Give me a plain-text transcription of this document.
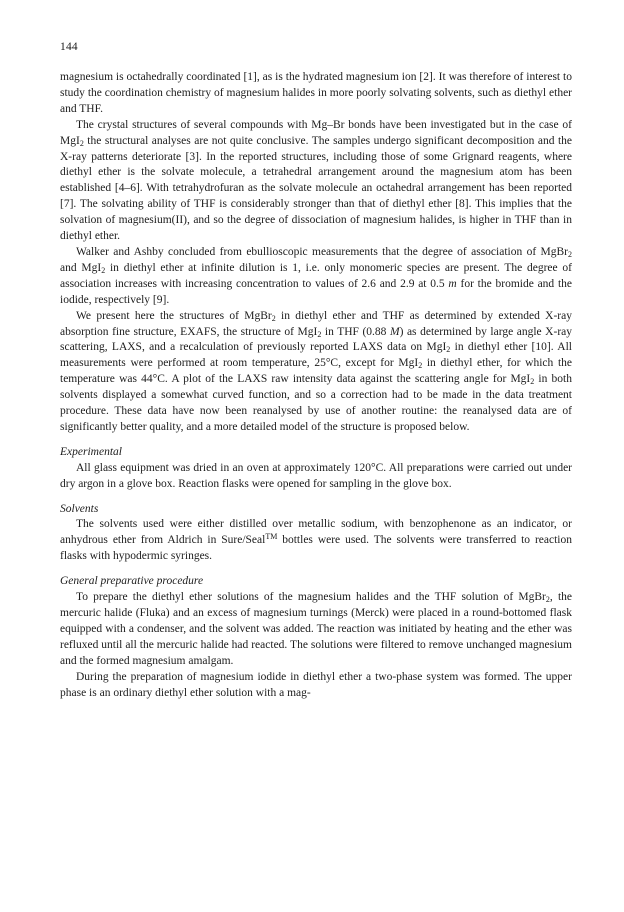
144

magnesium is octahedrally coordinated [1], as is the hydrated magnesium ion [2]. It was therefore of interest to study the coordination chemistry of magnesium halides in more poorly solvating solvents, such as diethyl ether and THF.

The crystal structures of several compounds with Mg–Br bonds have been investigated but in the case of MgI$_2$ the structural analyses are not quite conclusive. The samples undergo significant decomposition and the X-ray patterns deteriorate [3]. In the reported structures, including those of some Grignard reagents, where diethyl ether is the solvate molecule, a tetrahedral arrangement around the magnesium atom has been established [4–6]. With tetrahydrofuran as the solvate molecule an octahedral arrangement has been reported [7]. The solvating ability of THF is considerably stronger than that of diethyl ether [8]. This implies that the solvation of magnesium(II), and so the degree of dissociation of magnesium halides, is higher in THF than in diethyl ether.

Walker and Ashby concluded from ebullioscopic measurements that the degree of association of MgBr$_2$ and MgI$_2$ in diethyl ether at infinite dilution is 1, i.e. only monomeric species are present. The degree of association increases with increasing concentration to values of 2.6 and 2.9 at 0.5 m for the bromide and the iodide, respectively [9].

We present here the structures of MgBr$_2$ in diethyl ether and THF as determined by extended X-ray absorption fine structure, EXAFS, the structure of MgI$_2$ in THF (0.88 M) as determined by large angle X-ray scattering, LAXS, and a recalculation of previously reported LAXS data on MgI$_2$ in diethyl ether [10]. All measurements were performed at room temperature, 25°C, except for MgI$_2$ in diethyl ether, for which the temperature was 44°C. A plot of the LAXS raw intensity data against the scattering angle for MgI$_2$ in both solvents displayed a somewhat curved function, and so a correction had to be made in the data treatment procedure. These data have now been reanalysed by use of another routine: the reanalysed data are of significantly better quality, and a more detailed model of the structure is proposed below.

Experimental

All glass equipment was dried in an oven at approximately 120°C. All preparations were carried out under dry argon in a glove box. Reaction flasks were opened for sampling in the glove box.

Solvents

The solvents used were either distilled over metallic sodium, with benzophenone as an indicator, or anhydrous ether from Aldrich in Sure/Seal™ bottles were used. The solvents were transferred to reaction flasks with hypodermic syringes.

General preparative procedure

To prepare the diethyl ether solutions of the magnesium halides and the THF solution of MgBr$_2$, the mercuric halide (Fluka) and an excess of magnesium turnings (Merck) were placed in a round-bottomed flask equipped with a condenser, and the solvent was added. The reaction was initiated by heating and the ether was refluxed until all the mercuric halide had reacted. The solutions were filtered to remove unchanged magnesium and the formed magnesium amalgam.

During the preparation of magnesium iodide in diethyl ether a two-phase system was formed. The upper phase is an ordinary diethyl ether solution with a mag-
